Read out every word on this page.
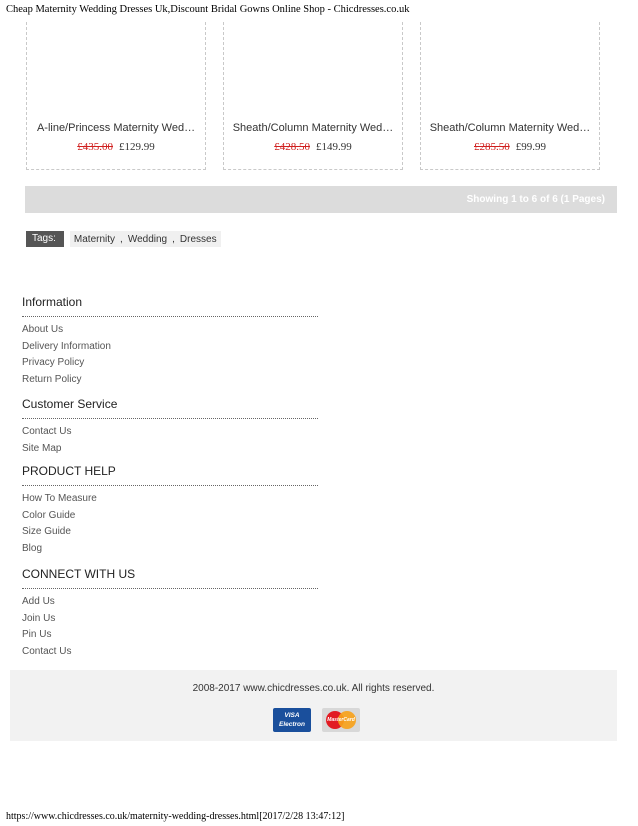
Cheap Maternity Wedding Dresses Uk,Discount Bridal Gowns Online Shop - Chicdresses.co.uk
A-line/Princess Maternity Wed…
£435.00 £129.99
Sheath/Column Maternity Wed…
£428.50 £149.99
Sheath/Column Maternity Wed…
£285.50 £99.99
Showing 1 to 6 of 6 (1 Pages)
Tags:	Maternity , Wedding , Dresses
Information
About Us
Delivery Information
Privacy Policy
Return Policy
Customer Service
Contact Us
Site Map
PRODUCT HELP
How To Measure
Color Guide
Size Guide
Blog
CONNECT WITH US
Add Us
Join Us
Pin Us
Contact Us
2008-2017 www.chicdresses.co.uk. All rights reserved.
VISA
Electron
MasterCard
https://www.chicdresses.co.uk/maternity-wedding-dresses.html[2017/2/28 13:47:12]
